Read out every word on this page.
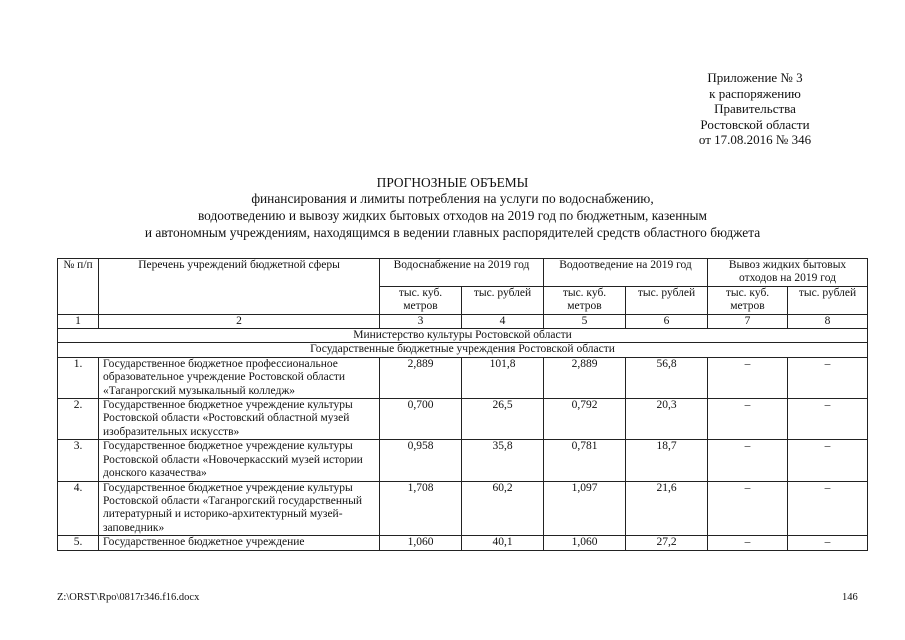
Приложение № 3
к распоряжению
Правительства
Ростовской области
от 17.08.2016 № 346
ПРОГНОЗНЫЕ ОБЪЕМЫ
финансирования и лимиты потребления на услуги по водоснабжению,
водоотведению и вывозу жидких бытовых отходов на 2019 год по бюджетным, казенным
и автономным учреждениям, находящимся в ведении главных распорядителей средств областного бюджета
№ п/п	Перечень учреждений бюджетной сферы	Водоснабжение на 2019 год		Водоотведение на 2019 год		Вывоз жидких бытовых отходов на 2019 год	
		тыс. куб. метров	тыс. рублей	тыс. куб. метров	тыс. рублей	тыс. куб. метров	тыс. рублей
1	2	3	4	5	6	7	8
Министерство культуры Ростовской области							
Государственные бюджетные учреждения Ростовской области							
1.	Государственное бюджетное профессиональное образовательное учреждение Ростовской области «Таганрогский музыкальный колледж»	2,889	101,8	2,889	56,8	–	–
2.	Государственное бюджетное учреждение культуры Ростовской области «Ростовский областной музей изобразительных искусств»	0,700	26,5	0,792	20,3	–	–
3.	Государственное бюджетное учреждение культуры Ростовской области «Новочеркасский музей истории донского казачества»	0,958	35,8	0,781	18,7	–	–
4.	Государственное бюджетное учреждение культуры Ростовской области «Таганрогский государственный литературный и историко-архитектурный музей-заповедник»	1,708	60,2	1,097	21,6	–	–
5.	Государственное бюджетное учреждение	1,060	40,1	1,060	27,2	–	–
Z:\ORST\Rpo\0817r346.f16.docx	146
